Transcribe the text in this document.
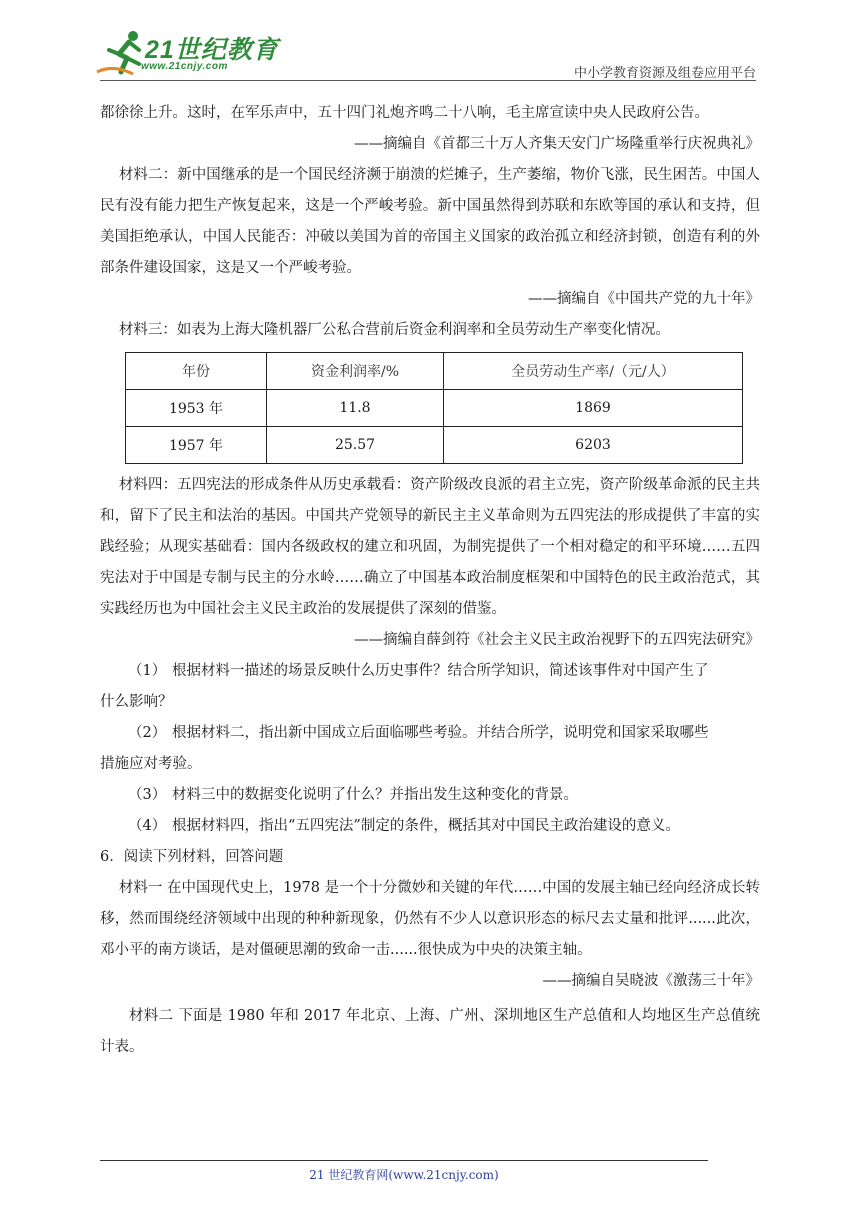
21世纪教育
www.21cnjy.com	中小学教育资源及组卷应用平台

都徐徐上升。这时，在军乐声中，五十四门礼炮齐鸣二十八响，毛主席宣读中央人民政府公告。

——摘编自《首都三十万人齐集天安门广场隆重举行庆祝典礼》

材料二：新中国继承的是一个国民经济濒于崩溃的烂摊子，生产萎缩，物价飞涨，民生困苦。中国人民有没有能力把生产恢复起来，这是一个严峻考验。新中国虽然得到苏联和东欧等国的承认和支持，但美国拒绝承认，中国人民能否：冲破以美国为首的帝国主义国家的政治孤立和经济封锁，创造有利的外部条件建设国家，这是又一个严峻考验。

——摘编自《中国共产党的九十年》

材料三：如表为上海大隆机器厂公私合营前后资金利润率和全员劳动生产率变化情况。

年份	资金利润率/%	全员劳动生产率/（元/人）
1953 年	11.8	1869
1957 年	25.57	6203

材料四：五四宪法的形成条件从历史承载看：资产阶级改良派的君主立宪，资产阶级革命派的民主共和，留下了民主和法治的基因。中国共产党领导的新民主主义革命则为五四宪法的形成提供了丰富的实践经验；从现实基础看：国内各级政权的建立和巩固，为制宪提供了一个相对稳定的和平环境……五四宪法对于中国是专制与民主的分水岭……确立了中国基本政治制度框架和中国特色的民主政治范式，其实践经历也为中国社会主义民主政治的发展提供了深刻的借鉴。

——摘编自薛剑符《社会主义民主政治视野下的五四宪法研究》

（1） 根据材料一描述的场景反映什么历史事件？结合所学知识，简述该事件对中国产生了

什么影响？

（2） 根据材料二，指出新中国成立后面临哪些考验。并结合所学，说明党和国家采取哪些

措施应对考验。

（3） 材料三中的数据变化说明了什么？并指出发生这种变化的背景。

（4） 根据材料四，指出“五四宪法”制定的条件，概括其对中国民主政治建设的意义。

6．阅读下列材料，回答问题

材料一 在中国现代史上，1978 是一个十分微妙和关键的年代……中国的发展主轴已经向经济成长转移，然而围绕经济领域中出现的种种新现象，仍然有不少人以意识形态的标尺去丈量和批评......此次，邓小平的南方谈话，是对僵硬思潮的致命一击......很快成为中央的决策主轴。

——摘编自吴晓波《激荡三十年》

材料二 下面是 1980 年和 2017 年北京、上海、广州、深圳地区生产总值和人均地区生产总值统计表。

21 世纪教育网(www.21cnjy.com)
